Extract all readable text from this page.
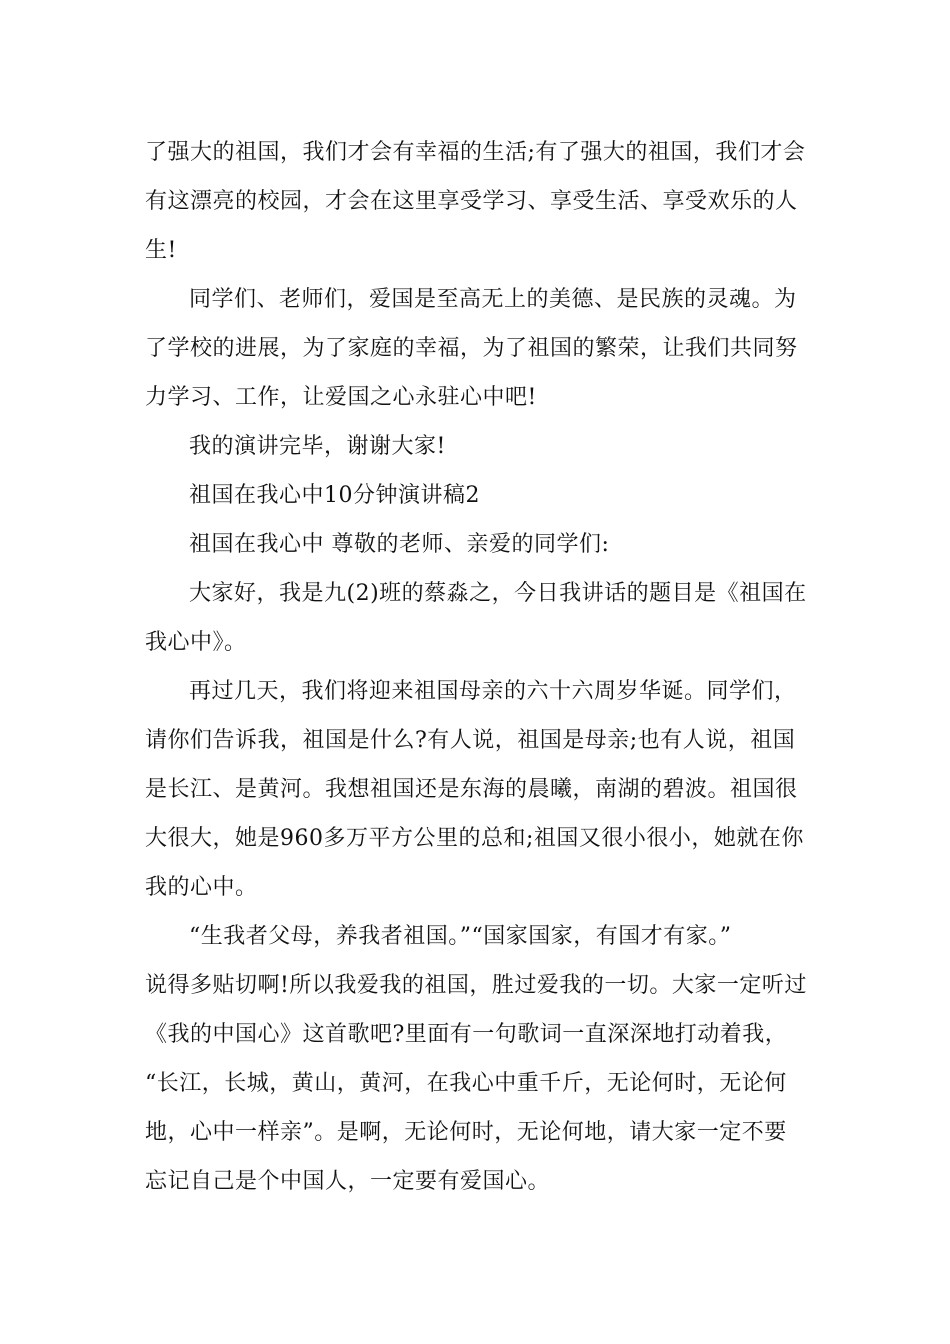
了强大的祖国，我们才会有幸福的生活;有了强大的祖国，我们才会
有这漂亮的校园，才会在这里享受学习、享受生活、享受欢乐的人
生!
同学们、老师们，爱国是至高无上的美德、是民族的灵魂。为
了学校的进展，为了家庭的幸福，为了祖国的繁荣，让我们共同努
力学习、工作，让爱国之心永驻心中吧!
我的演讲完毕，谢谢大家!
祖国在我心中10分钟演讲稿2
祖国在我心中 尊敬的老师、亲爱的同学们:
大家好，我是九(2)班的蔡淼之，今日我讲话的题目是《祖国在
我心中》。
再过几天，我们将迎来祖国母亲的六十六周岁华诞。同学们，
请你们告诉我，祖国是什么?有人说，祖国是母亲;也有人说，祖国
是长江、是黄河。我想祖国还是东海的晨曦，南湖的碧波。祖国很
大很大，她是960多万平方公里的总和;祖国又很小很小，她就在你
我的心中。
“生我者父母，养我者祖国。”“国家国家，有国才有家。”
说得多贴切啊!所以我爱我的祖国，胜过爱我的一切。大家一定听过
《我的中国心》这首歌吧?里面有一句歌词一直深深地打动着我，
“长江，长城，黄山，黄河，在我心中重千斤，无论何时，无论何
地，心中一样亲”。是啊，无论何时，无论何地，请大家一定不要
忘记自己是个中国人，一定要有爱国心。
